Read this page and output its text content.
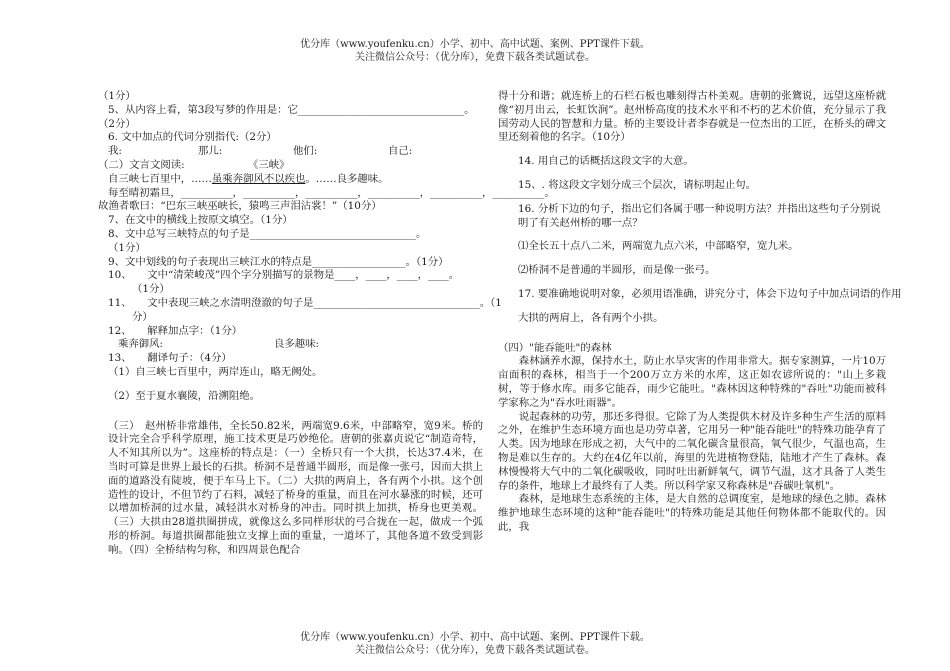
优分库（www.youfenku.cn）小学、初中、高中试题、案例、PPT课件下载。
关注微信公众号：（优分库），免费下载各类试题试卷。
（1分）
5、从内容上看，第3段写梦的作用是：它________________________________。
（2分）
6. 文中加点的代词分别指代:（2分）
我:	那儿:	他们:	自己:
（二）文言文阅读:	《三峡》
自三峡七百里中，……虽乘奔御风不以疾也。……良多趣味。
每至晴初霜旦，__________，__________，__________，__________，__________，__________。
故渔者歌曰：“巴东三峡巫峡长，猿鸣三声泪沾裳！”（10分）
7、在文中的横线上按原文填空。（1分）
8、文中总写三峡特点的句子是________________________________。
（1分）
9、文中划线的句子表现出三峡江水的特点是__________________。（1分）
10、　　文中“清荣峻茂”四个字分别描写的景物是____，____，____，____。
（1分）
11、　　文中表现三峡之水清明澄澈的句子是________________________________。（1
分）
12、　　解释加点字：（1分）
乘奔御风:	良多趣味:
13、　　翻译句子：（4分）
（1）自三峡七百里中，两岸连山，略无阙处。
（2）至于夏水襄陵，沿溯阻绝。
（三）　赵州桥非常雄伟，全长50.82米，两端宽9.6米，中部略窄，宽9米。桥的设计完全合乎科学原理，施工技术更是巧妙绝伦。唐朝的张嘉贞说它“制造奇特，人不知其所以为”。这座桥的特点是：（一）全桥只有一个大拱，长达37.4米，在当时可算是世界上最长的石拱。桥洞不是普通半圆形，而是像一张弓，因而大拱上面的道路没有陡坡，便于车马上下。（二）大拱的两肩上，各有两个小拱。这个创造性的设计，不但节约了石料，减轻了桥身的重量，而且在河水暴涨的时候，还可以增加桥洞的过水量，减轻洪水对桥身的冲击。同时拱上加拱，桥身也更美观。（三）大拱由28道拱圈拼成，就像这么多同样形状的弓合拢在一起，做成一个弧形的桥洞。每道拱圈都能独立支撑上面的重量，一道坏了，其他各道不致受到影响。（四）全桥结构匀称，和四周景色配合
得十分和谐；就连桥上的石栏石板也雕刻得古朴美观。唐朝的张鷟说，远望这座桥就像“初月出云，长虹饮涧”。赵州桥高度的技术水平和不朽的艺术价值，充分显示了我国劳动人民的智慧和力量。桥的主要设计者李春就是一位杰出的工匠，在桥头的碑文里还刻着他的名字。（10分）
14. 用自己的话概括这段文字的大意。
15、. 将这段文字划分成三个层次，请标明起止句。
16. 分析下边的句子，指出它们各属于哪一种说明方法？并指出这些句子分别说明了有关赵州桥的哪一点？
⑴全长五十点八二米，两端宽九点六米，中部略窄，宽九米。
⑵桥洞不是普通的半圆形，而是像一张弓。
17. 要准确地说明对象，必须用语准确，讲究分寸，体会下边句子中加点词语的作用
大拱的两肩上，各有两个小拱。
（四）"能吞能吐"的森林
森林涵养水源，保持水土，防止水旱灾害的作用非常大。据专家测算，一片10万亩面积的森林，相当于一个200万立方米的水库，这正如农谚所说的："山上多栽树，等于修水库。雨多它能吞，雨少它能吐。"森林因这种特殊的"吞吐"功能而被科学家称之为"吞水吐雨器"。
说起森林的功劳，那还多得很。它除了为人类提供木材及许多种生产生活的原料之外，在维护生态环境方面也是功劳卓著，它用另一种"能吞能吐"的特殊功能孕育了人类。因为地球在形成之初，大气中的二氧化碳含量很高，氧气很少，气温也高，生物是难以生存的。大约在4亿年以前，海里的先进植物登陆，陆地才产生了森林。森林慢慢将大气中的二氧化碳吸收，同时吐出新鲜氧气，调节气温，这才具备了人类生存的条件，地球上才最终有了人类。所以科学家又称森林是"吞碳吐氧机"。
森林，是地球生态系统的主体，是大自然的总调度室，是地球的绿色之肺。森林维护地球生态环境的这种"能吞能吐"的特殊功能是其他任何物体都不能取代的。因此，我
优分库（www.youfenku.cn）小学、初中、高中试题、案例、PPT课件下载。
关注微信公众号：（优分库），免费下载各类试题试卷。
